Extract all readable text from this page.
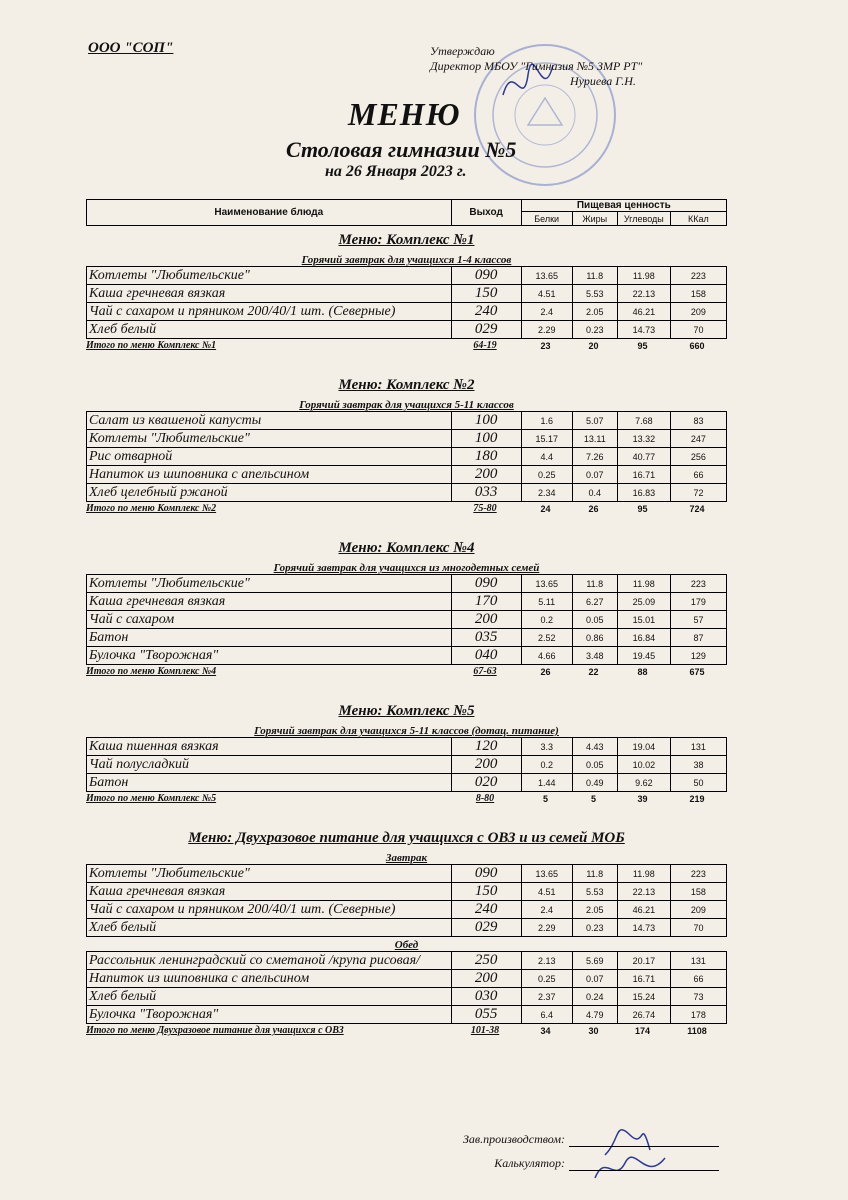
ООО "СОП"	Утверждаю
Директор МБОУ "Гимназия №5 ЗМР РТ"
Нуриева Г.Н.
МЕНЮ
Столовая гимназии №5
на 26 Января 2023 г.
Наименование блюда	Выход	Пищевая ценность			
		Белки	Жиры	Углеводы	ККал
Меню: Комплекс №1
Горячий завтрак для учащихся 1-4 классов
Котлеты "Любительские"	090	13.65	11.8	11.98	223
Каша гречневая вязкая	150	4.51	5.53	22.13	158
Чай с сахаром и пряником 200/40/1 шт. (Северные)	240	2.4	2.05	46.21	209
Хлеб белый	029	2.29	0.23	14.73	70
Итого по меню Комплекс №1	64-19	23	20	95	660
Меню: Комплекс №2
Горячий завтрак для учащихся 5-11 классов
Салат из квашеной капусты	100	1.6	5.07	7.68	83
Котлеты "Любительские"	100	15.17	13.11	13.32	247
Рис отварной	180	4.4	7.26	40.77	256
Напиток из шиповника с апельсином	200	0.25	0.07	16.71	66
Хлеб целебный ржаной	033	2.34	0.4	16.83	72
Итого по меню Комплекс №2	75-80	24	26	95	724
Меню: Комплекс №4
Горячий завтрак для учащихся из многодетных семей
Котлеты "Любительские"	090	13.65	11.8	11.98	223
Каша гречневая вязкая	170	5.11	6.27	25.09	179
Чай с сахаром	200	0.2	0.05	15.01	57
Батон	035	2.52	0.86	16.84	87
Булочка "Творожная"	040	4.66	3.48	19.45	129
Итого по меню Комплекс №4	67-63	26	22	88	675
Меню: Комплекс №5
Горячий завтрак для учащихся 5-11 классов (дотац. питание)
Каша пшенная вязкая	120	3.3	4.43	19.04	131
Чай полусладкий	200	0.2	0.05	10.02	38
Батон	020	1.44	0.49	9.62	50
Итого по меню Комплекс №5	8-80	5	5	39	219
Меню: Двухразовое питание для учащихся с ОВЗ и из семей МОБ
Завтрак
Котлеты "Любительские"	090	13.65	11.8	11.98	223
Каша гречневая вязкая	150	4.51	5.53	22.13	158
Чай с сахаром и пряником 200/40/1 шт. (Северные)	240	2.4	2.05	46.21	209
Хлеб белый	029	2.29	0.23	14.73	70
Обед
Рассольник ленинградский со сметаной /крупа рисовая/	250	2.13	5.69	20.17	131
Напиток из шиповника с апельсином	200	0.25	0.07	16.71	66
Хлеб белый	030	2.37	0.24	15.24	73
Булочка "Творожная"	055	6.4	4.79	26.74	178
Итого по меню Двухразовое питание для учащихся с ОВЗ	101-38	34	30	174	1108
Зав.производством:
Калькулятор:
